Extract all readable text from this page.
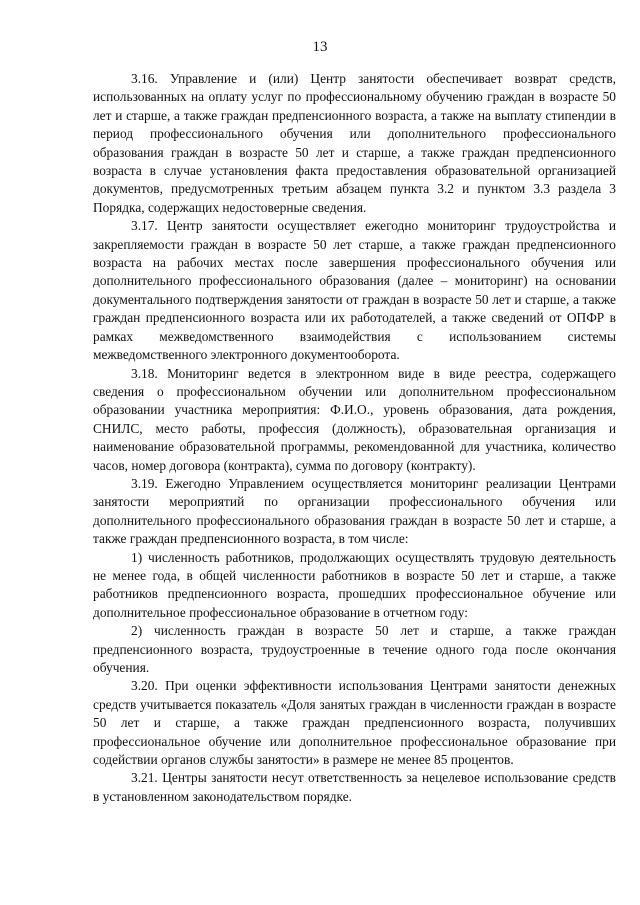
13

3.16. Управление и (или) Центр занятости обеспечивает возврат средств, использованных на оплату услуг по профессиональному обучению граждан в возрасте 50 лет и старше, а также граждан предпенсионного возраста, а также на выплату стипендии в период профессионального обучения или дополнительного профессионального образования граждан в возрасте 50 лет и старше, а также граждан предпенсионного возраста в случае установления факта предоставления образовательной организацией документов, предусмотренных третьим абзацем пункта 3.2 и пунктом 3.3 раздела 3 Порядка, содержащих недостоверные сведения.

3.17. Центр занятости осуществляет ежегодно мониторинг трудоустройства и закрепляемости граждан в возрасте 50 лет старше, а также граждан предпенсионного возраста на рабочих местах после завершения профессионального обучения или дополнительного профессионального образования (далее – мониторинг) на основании документального подтверждения занятости от граждан в возрасте 50 лет и старше, а также граждан предпенсионного возраста или их работодателей, а также сведений от ОПФР в рамках межведомственного взаимодействия с использованием системы межведомственного электронного документооборота.

3.18. Мониторинг ведется в электронном виде в виде реестра, содержащего сведения о профессиональном обучении или дополнительном профессиональном образовании участника мероприятия: Ф.И.О., уровень образования, дата рождения, СНИЛС, место работы, профессия (должность), образовательная организация и наименование образовательной программы, рекомендованной для участника, количество часов, номер договора (контракта), сумма по договору (контракту).

3.19. Ежегодно Управлением осуществляется мониторинг реализации Центрами занятости мероприятий по организации профессионального обучения или дополнительного профессионального образования граждан в возрасте 50 лет и старше, а также граждан предпенсионного возраста, в том числе:

1) численность работников, продолжающих осуществлять трудовую деятельность не менее года, в общей численности работников в возрасте 50 лет и старше, а также работников предпенсионного возраста, прошедших профессиональное обучение или дополнительное профессиональное образование в отчетном году:

2) численность граждан в возрасте 50 лет и старше, а также граждан предпенсионного возраста, трудоустроенные в течение одного года после окончания обучения.

3.20. При оценки эффективности использования Центрами занятости денежных средств учитывается показатель «Доля занятых граждан в численности граждан в возрасте 50 лет и старше, а также граждан предпенсионного возраста, получивших профессиональное обучение или дополнительное профессиональное образование при содействии органов службы занятости» в размере не менее 85 процентов.

3.21. Центры занятости несут ответственность за нецелевое использование средств в установленном законодательством порядке.
